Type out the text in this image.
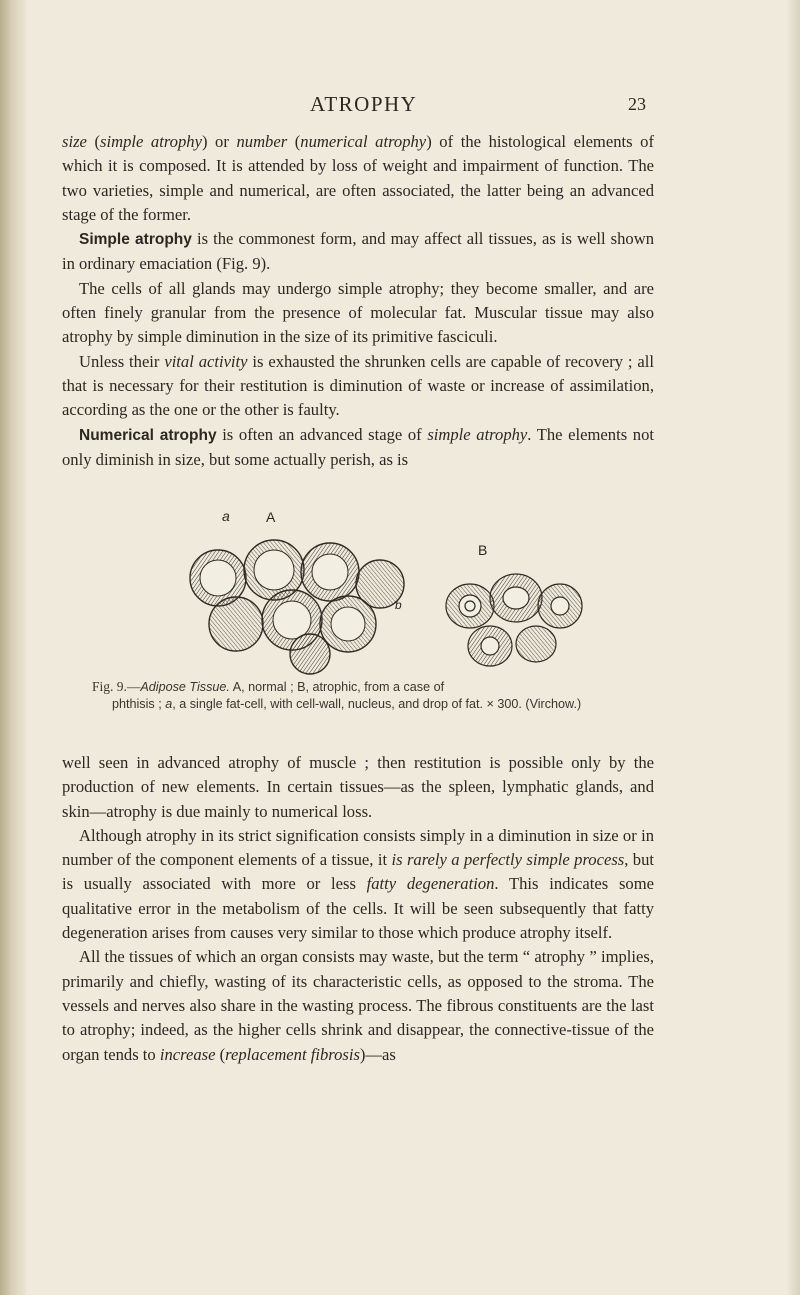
ATROPHY	23

size (simple atrophy) or number (numerical atrophy) of the histological elements of which it is composed. It is attended by loss of weight and impairment of function. The two varieties, simple and numerical, are often associated, the latter being an advanced stage of the former.

Simple atrophy is the commonest form, and may affect all tissues, as is well shown in ordinary emaciation (Fig. 9).

The cells of all glands may undergo simple atrophy; they become smaller, and are often finely granular from the presence of molecular fat. Muscular tissue may also atrophy by simple diminution in the size of its primitive fasciculi.

Unless their vital activity is exhausted the shrunken cells are capable of recovery ; all that is necessary for their restitution is diminution of waste or increase of assimilation, according as the one or the other is faulty.

Numerical atrophy is often an advanced stage of simple atrophy. The elements not only diminish in size, but some actually perish, as is

a	A
B
b
Fig. 9.—Adipose Tissue. A, normal ; B, atrophic, from a case of
phthisis ; a, a single fat-cell, with cell-wall, nucleus, and drop of fat. × 300. (Virchow.)

well seen in advanced atrophy of muscle ; then restitution is possible only by the production of new elements. In certain tissues—as the spleen, lymphatic glands, and skin—atrophy is due mainly to numerical loss.

Although atrophy in its strict signification consists simply in a diminution in size or in number of the component elements of a tissue, it is rarely a perfectly simple process, but is usually associated with more or less fatty degeneration. This indicates some qualitative error in the metabolism of the cells. It will be seen subsequently that fatty degeneration arises from causes very similar to those which produce atrophy itself.

All the tissues of which an organ consists may waste, but the term “ atrophy ” implies, primarily and chiefly, wasting of its characteristic cells, as opposed to the stroma. The vessels and nerves also share in the wasting process. The fibrous constituents are the last to atrophy; indeed, as the higher cells shrink and disappear, the connective-tissue of the organ tends to increase (replacement fibrosis)—as
